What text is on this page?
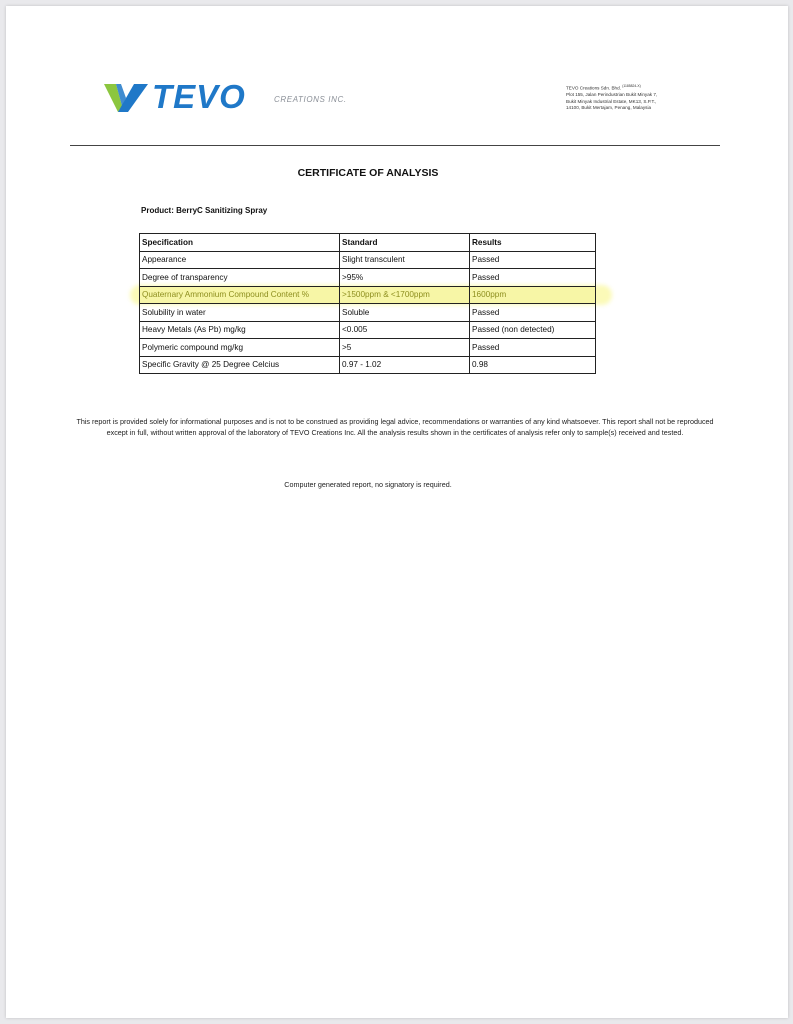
TEVO	CREATIONS INC.
TEVO Creations Sdn. Bhd. $^{(1185824-X)}$
Plot 155, Jalan Perindustrian Bukit Minyak 7,
Bukit Minyak Industrial Estate, MK13, S.P.T.,
14100, Bukit Mertajam, Penang, Malaysia
CERTIFICATE OF ANALYSIS
Product: BerryC Sanitizing Spray
Specification	Standard	Results
Appearance	Slight transculent	Passed
Degree of transparency	>95%	Passed
Quaternary Ammonium Compound Content %	>1500ppm & <1700ppm	1600ppm
Solubility in water	Soluble	Passed
Heavy Metals (As Pb) mg/kg	<0.005	Passed (non detected)
Polymeric compound mg/kg	>5	Passed
Specific Gravity @ 25 Degree Celcius	0.97 - 1.02	0.98
This report is provided solely for informational purposes and is not to be construed as providing legal advice, recommendations or warranties of any kind whatsoever. This report shall not be reproduced except in full, without written approval of the laboratory of TEVO Creations Inc. All the analysis results shown in the certificates of analysis refer only to sample(s) received and tested.
Computer generated report, no signatory is required.
